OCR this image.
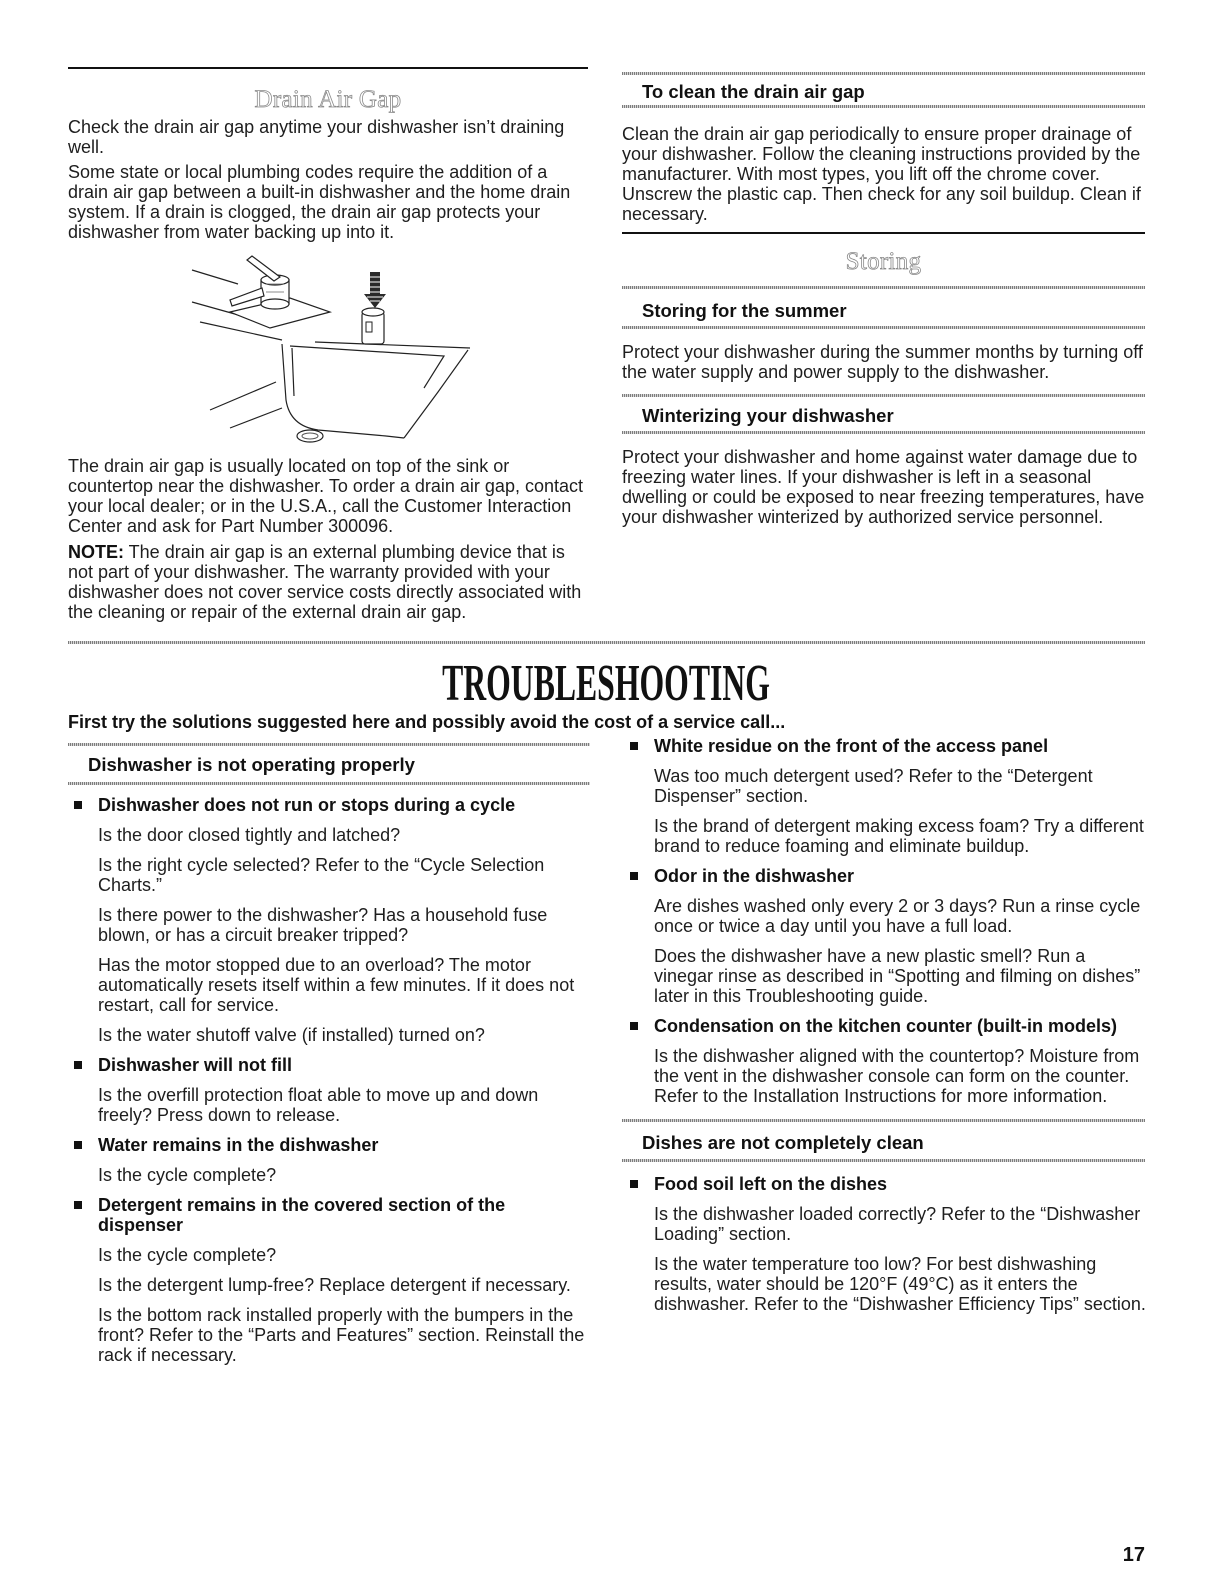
Drain Air Gap

Check the drain air gap anytime your dishwasher isn’t draining well.

Some state or local plumbing codes require the addition of a drain air gap between a built-in dishwasher and the home drain system. If a drain is clogged, the drain air gap protects your dishwasher from water backing up into it.

The drain air gap is usually located on top of the sink or countertop near the dishwasher. To order a drain air gap, contact your local dealer; or in the U.S.A., call the Customer Interaction Center and ask for Part Number 300096.

NOTE: The drain air gap is an external plumbing device that is not part of your dishwasher. The warranty provided with your dishwasher does not cover service costs directly associated with the cleaning or repair of the external drain air gap.

To clean the drain air gap

Clean the drain air gap periodically to ensure proper drainage of your dishwasher. Follow the cleaning instructions provided by the manufacturer. With most types, you lift off the chrome cover. Unscrew the plastic cap. Then check for any soil buildup. Clean if necessary.

Storing
Storing for the summer

Protect your dishwasher during the summer months by turning off the water supply and power supply to the dishwasher.

Winterizing your dishwasher

Protect your dishwasher and home against water damage due to freezing water lines. If your dishwasher is left in a seasonal dwelling or could be exposed to near freezing temperatures, have your dishwasher winterized by authorized service personnel.

TROUBLESHOOTING
First try the solutions suggested here and possibly avoid the cost of a service call...
Dishwasher is not operating properly
Dishwasher does not run or stops during a cycle

Is the door closed tightly and latched?

Is the right cycle selected? Refer to the “Cycle Selection Charts.”

Is there power to the dishwasher? Has a household fuse blown, or has a circuit breaker tripped?

Has the motor stopped due to an overload? The motor automatically resets itself within a few minutes. If it does not restart, call for service.

Is the water shutoff valve (if installed) turned on?

Dishwasher will not fill

Is the overfill protection float able to move up and down freely? Press down to release.

Water remains in the dishwasher

Is the cycle complete?

Detergent remains in the covered section of the dispenser

Is the cycle complete?

Is the detergent lump-free? Replace detergent if necessary.

Is the bottom rack installed properly with the bumpers in the front? Refer to the “Parts and Features” section. Reinstall the rack if necessary.

White residue on the front of the access panel

Was too much detergent used? Refer to the “Detergent Dispenser” section.

Is the brand of detergent making excess foam? Try a different brand to reduce foaming and eliminate buildup.

Odor in the dishwasher

Are dishes washed only every 2 or 3 days? Run a rinse cycle once or twice a day until you have a full load.

Does the dishwasher have a new plastic smell? Run a vinegar rinse as described in “Spotting and filming on dishes” later in this Troubleshooting guide.

Condensation on the kitchen counter (built-in models)

Is the dishwasher aligned with the countertop? Moisture from the vent in the dishwasher console can form on the counter. Refer to the Installation Instructions for more information.

Dishes are not completely clean
Food soil left on the dishes

Is the dishwasher loaded correctly? Refer to the “Dishwasher Loading” section.

Is the water temperature too low? For best dishwashing results, water should be 120°F (49°C) as it enters the dishwasher. Refer to the “Dishwasher Efficiency Tips” section.

17
